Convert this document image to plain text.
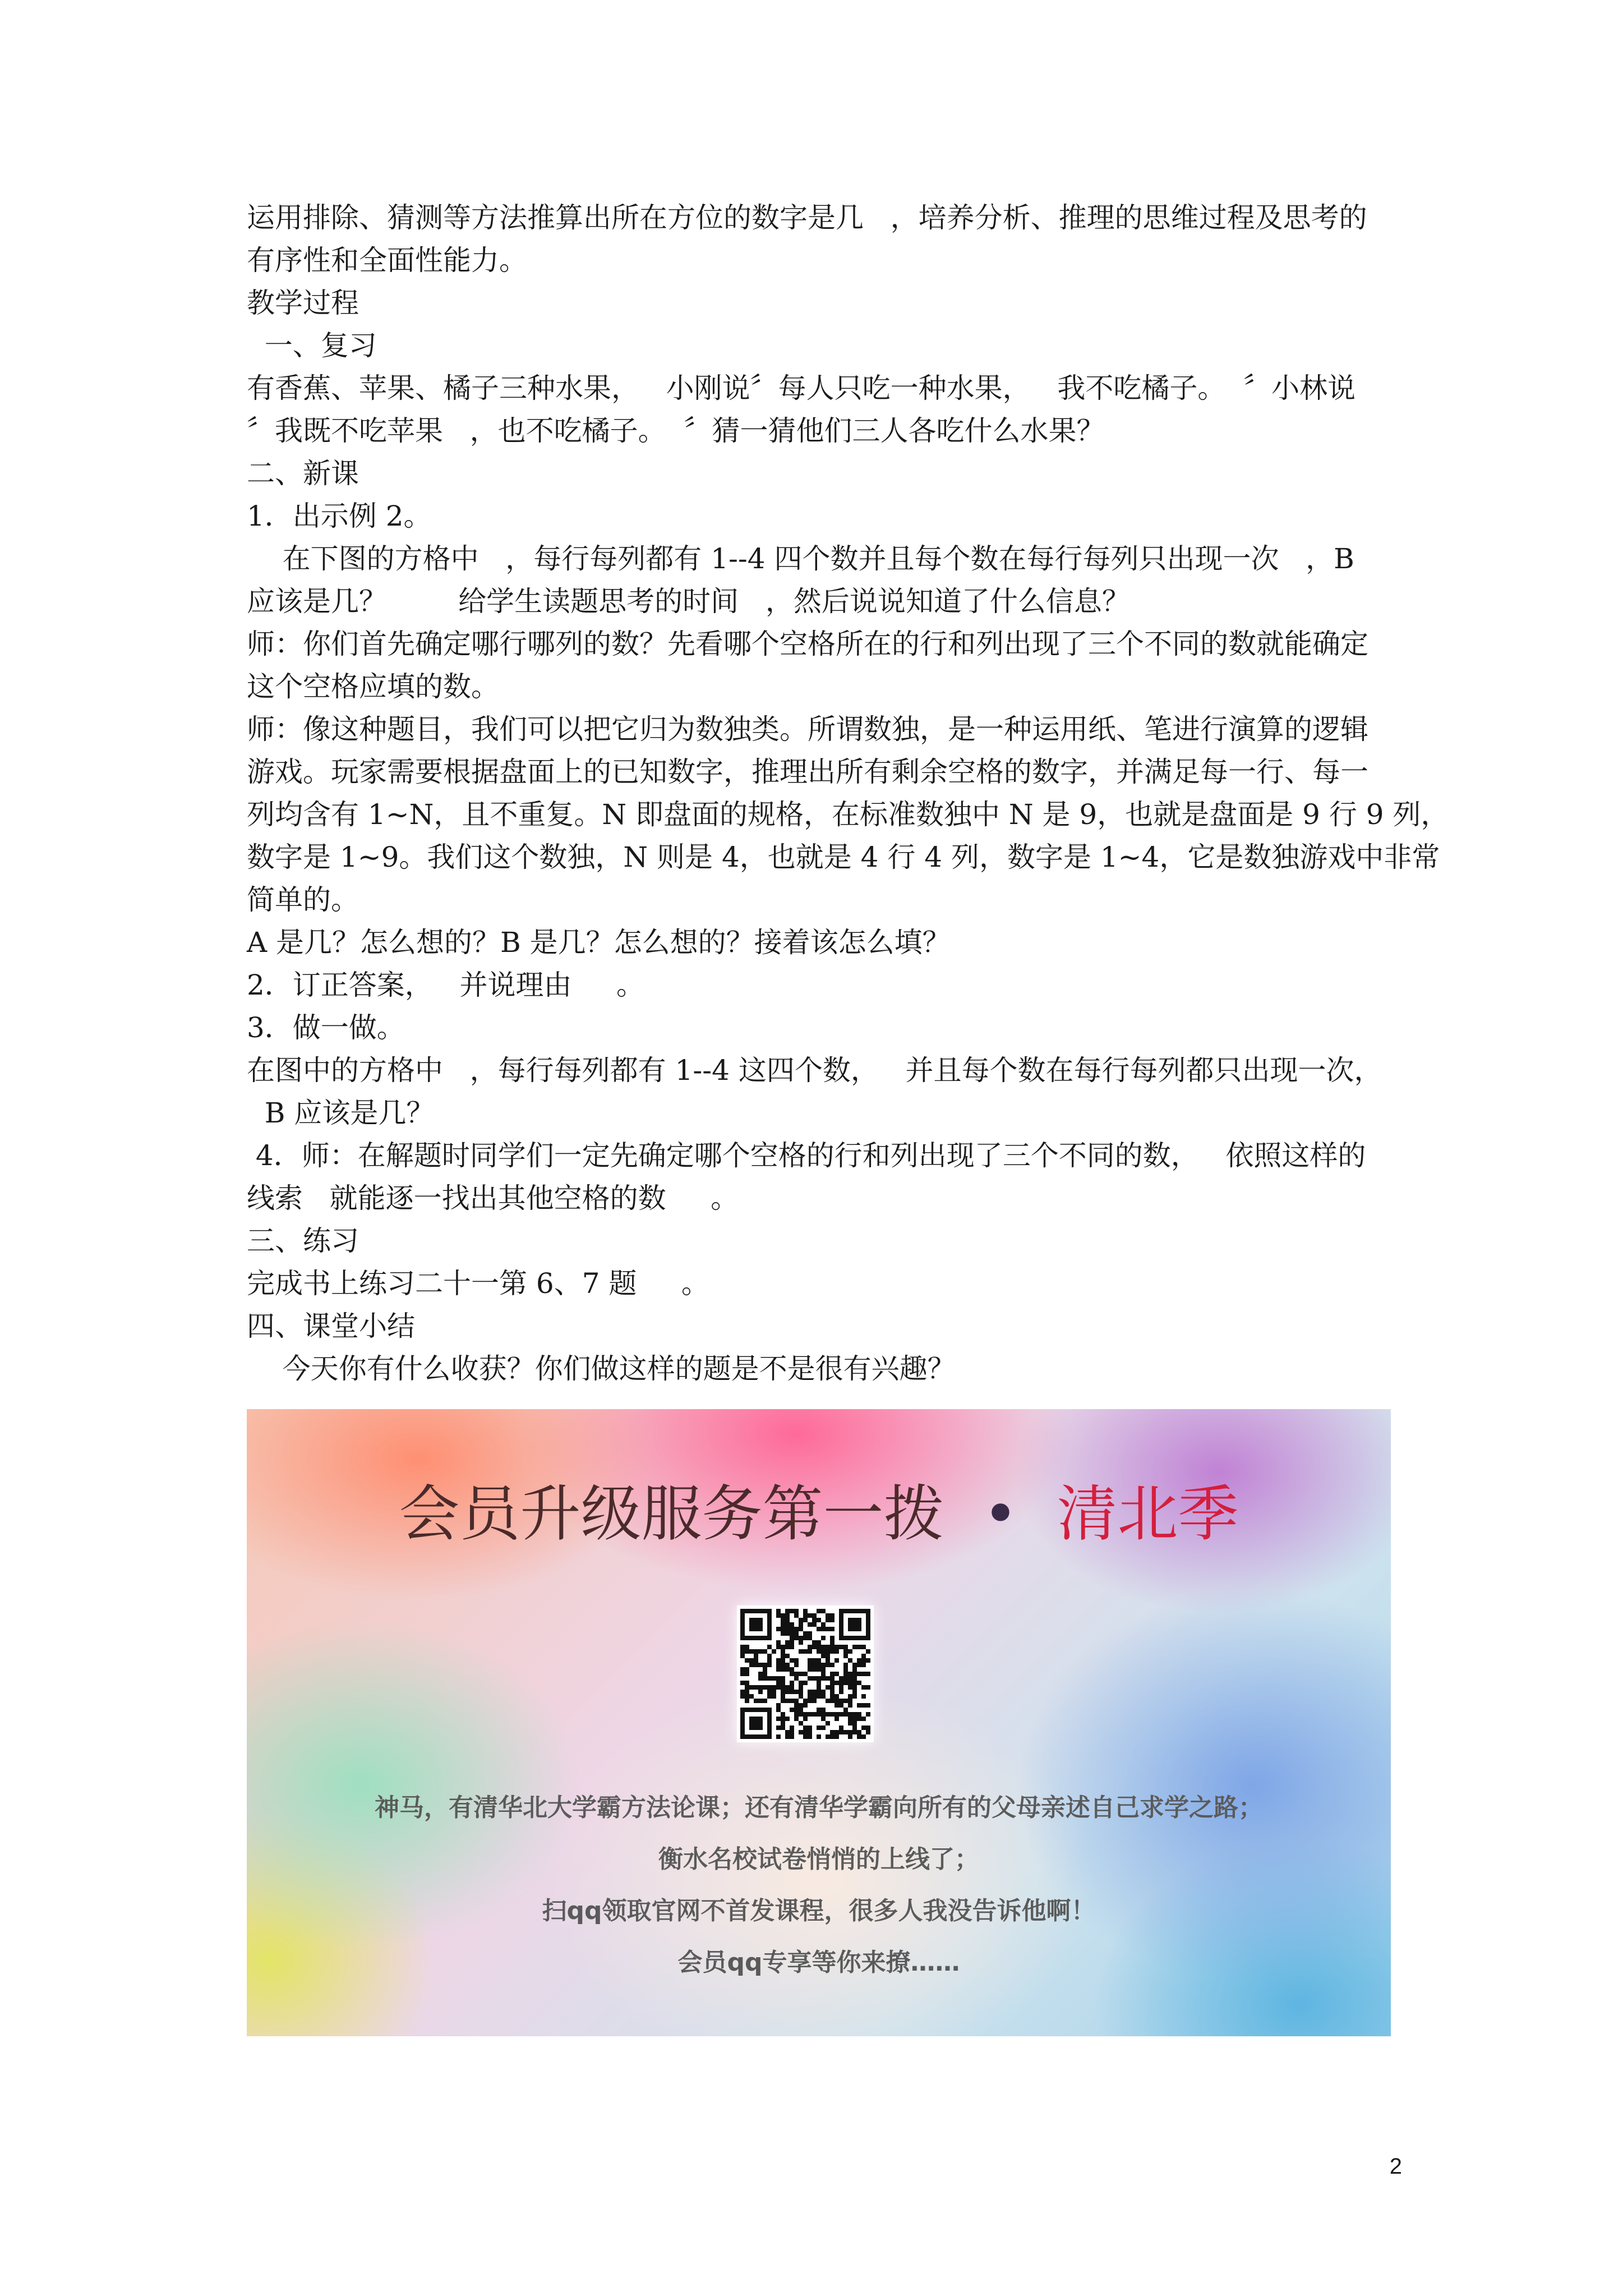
运用排除、猜测等方法推算出所在方位的数字是几   ，培养分析、推理的思维过程及思考的
有序性和全面性能力。
教学过程
一、复习
有香蕉、苹果、橘子三种水果，   小刚说〞每人只吃一种水果，   我不吃橘子。  〞小林说
〞我既不吃苹果   ，也不吃橘子。  〞猜一猜他们三人各吃什么水果？
二、新课
1．出示例 2。
在下图的方格中   ，每行每列都有 1--4 四个数并且每个数在每行每列只出现一次   ，B
应该是几？        给学生读题思考的时间   ，然后说说知道了什么信息？
师：你们首先确定哪行哪列的数？先看哪个空格所在的行和列出现了三个不同的数就能确定
这个空格应填的数。
师：像这种题目，我们可以把它归为数独类。所谓数独，是一种运用纸、笔进行演算的逻辑
游戏。玩家需要根据盘面上的已知数字，推理出所有剩余空格的数字，并满足每一行、每一
列均含有 1~N，且不重复。N 即盘面的规格，在标准数独中 N 是 9，也就是盘面是 9 行 9 列，
数字是 1~9。我们这个数独，N 则是 4，也就是 4 行 4 列，数字是 1~4，它是数独游戏中非常
简单的。
A 是几？怎么想的？B 是几？怎么想的？接着该怎么填？
2．订正答案，   并说理由     。
3．做一做。
在图中的方格中   ，每行每列都有 1--4 这四个数，   并且每个数在每行每列都只出现一次，
B 应该是几？
4．师：在解题时同学们一定先确定哪个空格的行和列出现了三个不同的数，   依照这样的
线索   就能逐一找出其他空格的数     。
三、练习
完成书上练习二十一第 6、7 题     。
四、课堂小结
今天你有什么收获？你们做这样的题是不是很有兴趣？
会员升级服务第一拨  •  清北季
神马，有清华北大学霸方法论课；还有清华学霸向所有的父母亲述自己求学之路；
衡水名校试卷悄悄的上线了；
扫qq领取官网不首发课程，很多人我没告诉他啊！
会员qq专享等你来撩……
2
